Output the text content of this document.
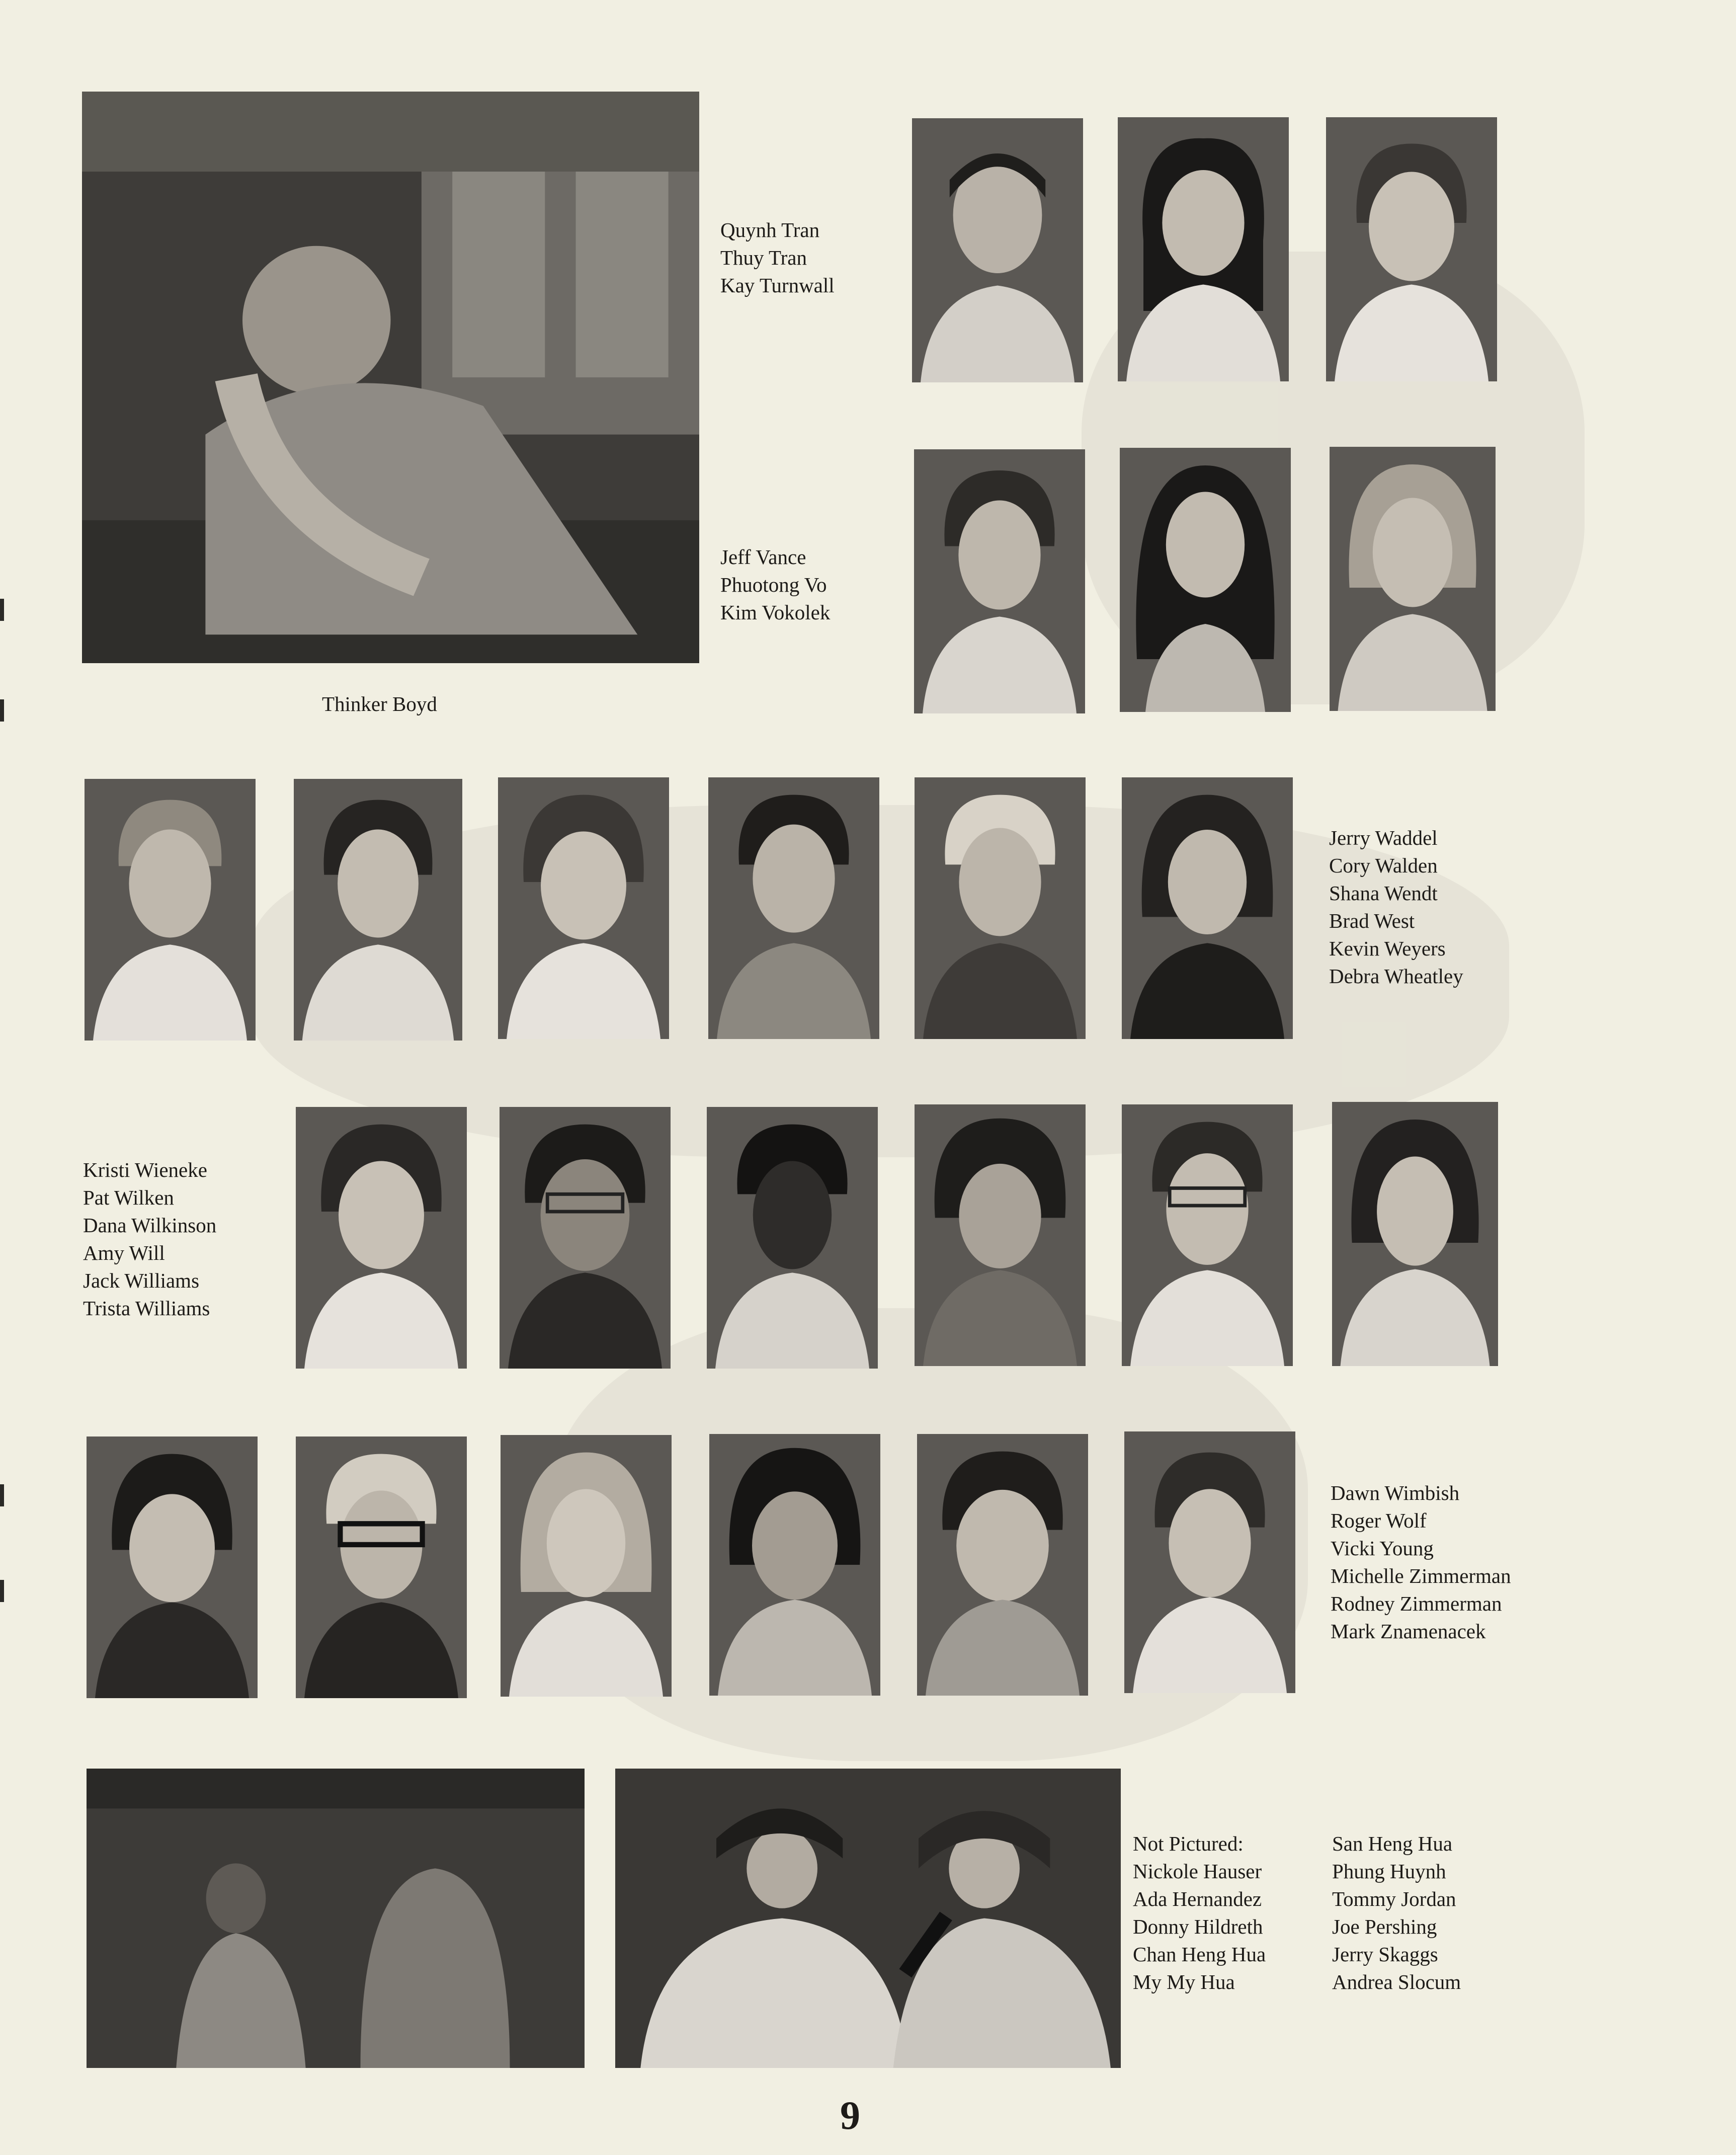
Thinker Boyd
Quynh Tran
Thuy Tran
Kay Turnwall
Jeff Vance
Phuotong Vo
Kim Vokolek
Jerry Waddel
Cory Walden
Shana Wendt
Brad West
Kevin Weyers
Debra Wheatley
Kristi Wieneke
Pat Wilken
Dana Wilkinson
Amy Will
Jack Williams
Trista Williams
Dawn Wimbish
Roger Wolf
Vicki Young
Michelle Zimmerman
Rodney Zimmerman
Mark Znamenacek
Not Pictured:
Nickole Hauser
Ada Hernandez
Donny Hildreth
Chan Heng Hua
My My Hua
San Heng Hua
Phung Huynh
Tommy Jordan
Joe Pershing
Jerry Skaggs
Andrea Slocum
9
